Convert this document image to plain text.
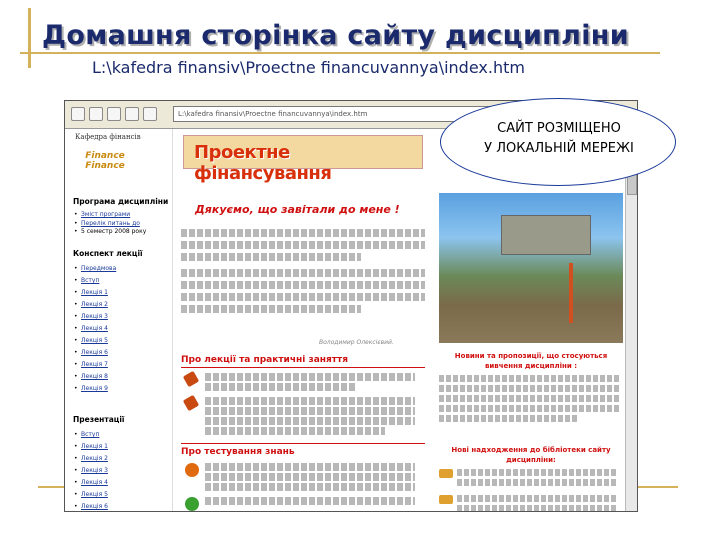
Домашня сторінка сайту дисципліни
L:\kafedra finansiv\Proectne financuvannya\index.htm
L:\kafedra finansiv\Proectne financuvannya\index.htm
Кафедра фінансів
Finance Finance
Програма дисципліни
• Зміст програми
• Перелік питань до
• 5 семестр 2008 року
Конспект лекції
• Передмова
• Вступ
• Лекція 1
• Лекція 2
• Лекція 3
• Лекція 4
• Лекція 5
• Лекція 6
• Лекція 7
• Лекція 8
• Лекція 9
Презентації
• Вступ
• Лекція 1
• Лекція 2
• Лекція 3
• Лекція 4
• Лекція 5
• Лекція 6
Проектне фінансування
Дякуємо, що завітали до мене !
Володимир Олексієвий.
Про лекції та практичні заняття
Про тестування знань
Новини та пропозиції, що стосуються вивчення дисципліни :
Нові надходження до бібліотеки сайту дисципліни:
САЙТ РОЗМІЩЕНО
У ЛОКАЛЬНІЙ МЕРЕЖІ
